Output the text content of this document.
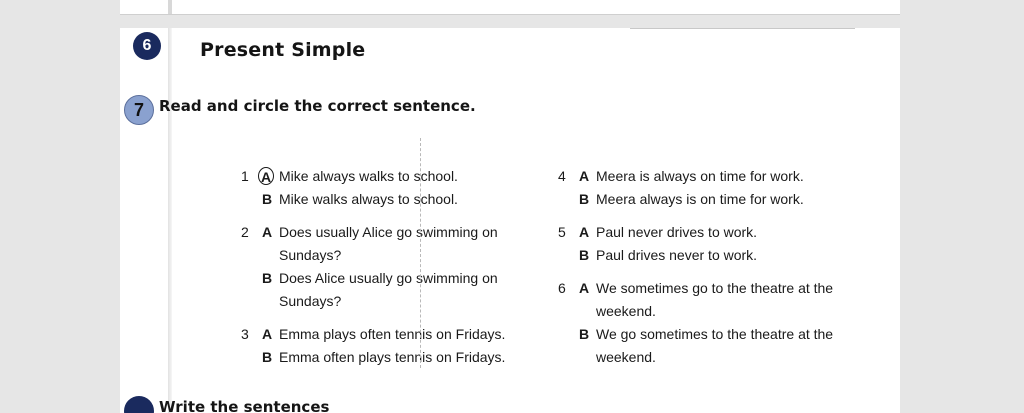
6	Present Simple
7	Read and circle the correct sentence.
1 A Mike always walks to school.
B Mike walks always to school.
2 A Does usually Alice go swimming on
Sundays?
B Does Alice usually go swimming on
Sundays?
3 A Emma plays often tennis on Fridays.
B Emma often plays tennis on Fridays.
4 A Meera is always on time for work.
B Meera always is on time for work.
5 A Paul never drives to work.
B Paul drives never to work.
6 A We sometimes go to the theatre at the
weekend.
B We go sometimes to the theatre at the
weekend.
Write the sentences
